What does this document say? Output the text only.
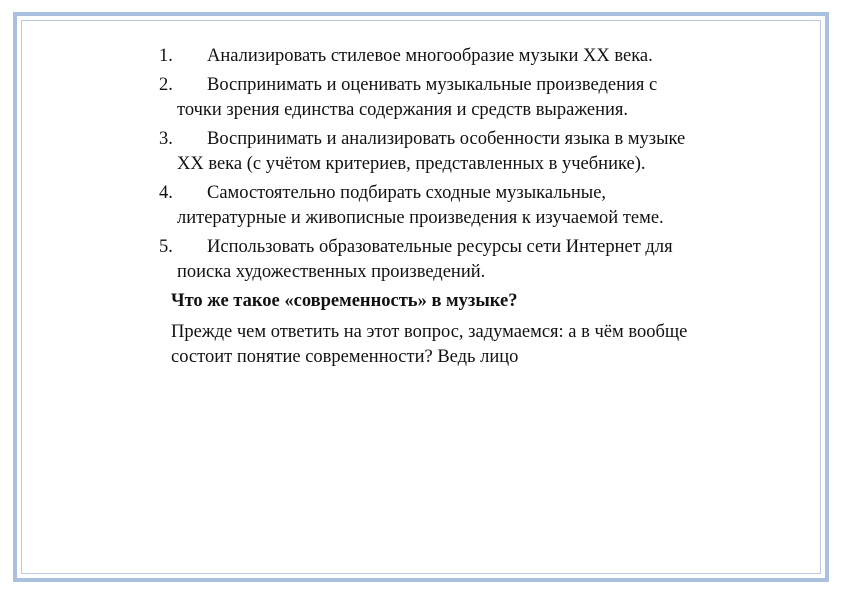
1.	Анализировать стилевое многообразие музыки ХХ века.
2.	Воспринимать и оценивать музыкальные произведения с точки зрения единства содержания и средств выражения.
3.	Воспринимать и анализировать особенности языка в музыке ХХ века (с учётом критериев, представленных в учебнике).
4.	Самостоятельно подбирать сходные музыкальные, литературные и живописные произведения к изучаемой теме.
5.	Использовать образовательные ресурсы сети Интернет для поиска художественных произведений.
Что же такое «современность» в музыке?

Прежде чем ответить на этот вопрос, задумаемся: а в чём вообще состоит понятие современности? Ведь лицо
